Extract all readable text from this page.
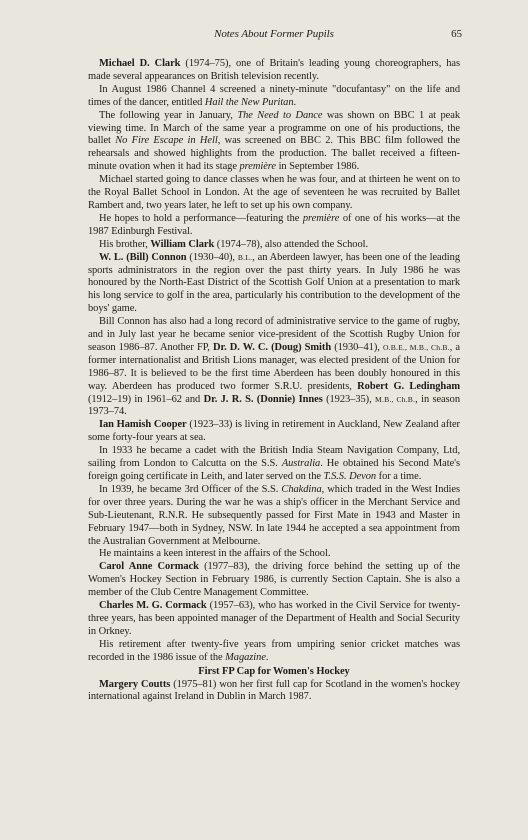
Notes About Former Pupils	65

Michael D. Clark (1974–75), one of Britain's leading young choreographers, has made several appearances on British television recently.

In August 1986 Channel 4 screened a ninety-minute "docufantasy" on the life and times of the dancer, entitled Hail the New Puritan.

The following year in January, The Need to Dance was shown on BBC 1 at peak viewing time. In March of the same year a programme on one of his productions, the ballet No Fire Escape in Hell, was screened on BBC 2. This BBC film followed the rehearsals and showed highlights from the production. The ballet received a fifteen-minute ovation when it had its stage première in September 1986.

Michael started going to dance classes when he was four, and at thirteen he went on to the Royal Ballet School in London. At the age of seventeen he was recruited by Ballet Rambert and, two years later, he left to set up his own company.

He hopes to hold a performance—featuring the première of one of his works—at the 1987 Edinburgh Festival.

His brother, William Clark (1974–78), also attended the School.

W. L. (Bill) Connon (1930–40), B.L., an Aberdeen lawyer, has been one of the leading sports administrators in the region over the past thirty years. In July 1986 he was honoured by the North-East District of the Scottish Golf Union at a presentation to mark his long service to golf in the area, particularly his contribution to the development of the boys' game.

Bill Connon has also had a long record of administrative service to the game of rugby, and in July last year he became senior vice-president of the Scottish Rugby Union for season 1986–87. Another FP, Dr. D. W. C. (Doug) Smith (1930–41), O.B.E., M.B., Ch.B., a former internationalist and British Lions manager, was elected president of the Union for 1986–87. It is believed to be the first time Aberdeen has been doubly honoured in this way. Aberdeen has produced two former S.R.U. presidents, Robert G. Ledingham (1912–19) in 1961–62 and Dr. J. R. S. (Donnie) Innes (1923–35), M.B., Ch.B., in season 1973–74.

Ian Hamish Cooper (1923–33) is living in retirement in Auckland, New Zealand after some forty-four years at sea.

In 1933 he became a cadet with the British India Steam Navigation Company, Ltd, sailing from London to Calcutta on the S.S. Australia. He obtained his Second Mate's foreign going certificate in Leith, and later served on the T.S.S. Devon for a time.

In 1939, he became 3rd Officer of the S.S. Chakdina, which traded in the West Indies for over three years. During the war he was a ship's officer in the Merchant Service and Sub-Lieutenant, R.N.R. He subsequently passed for First Mate in 1943 and Master in February 1947—both in Sydney, NSW. In late 1944 he accepted a sea appointment from the Australian Government at Melbourne.

He maintains a keen interest in the affairs of the School.

Carol Anne Cormack (1977–83), the driving force behind the setting up of the Women's Hockey Section in February 1986, is currently Section Captain. She is also a member of the Club Centre Management Committee.

Charles M. G. Cormack (1957–63), who has worked in the Civil Service for twenty-three years, has been appointed manager of the Department of Health and Social Security in Orkney.

His retirement after twenty-five years from umpiring senior cricket matches was recorded in the 1986 issue of the Magazine.

First FP Cap for Women's Hockey

Margery Coutts (1975–81) won her first full cap for Scotland in the women's hockey international against Ireland in Dublin in March 1987.
